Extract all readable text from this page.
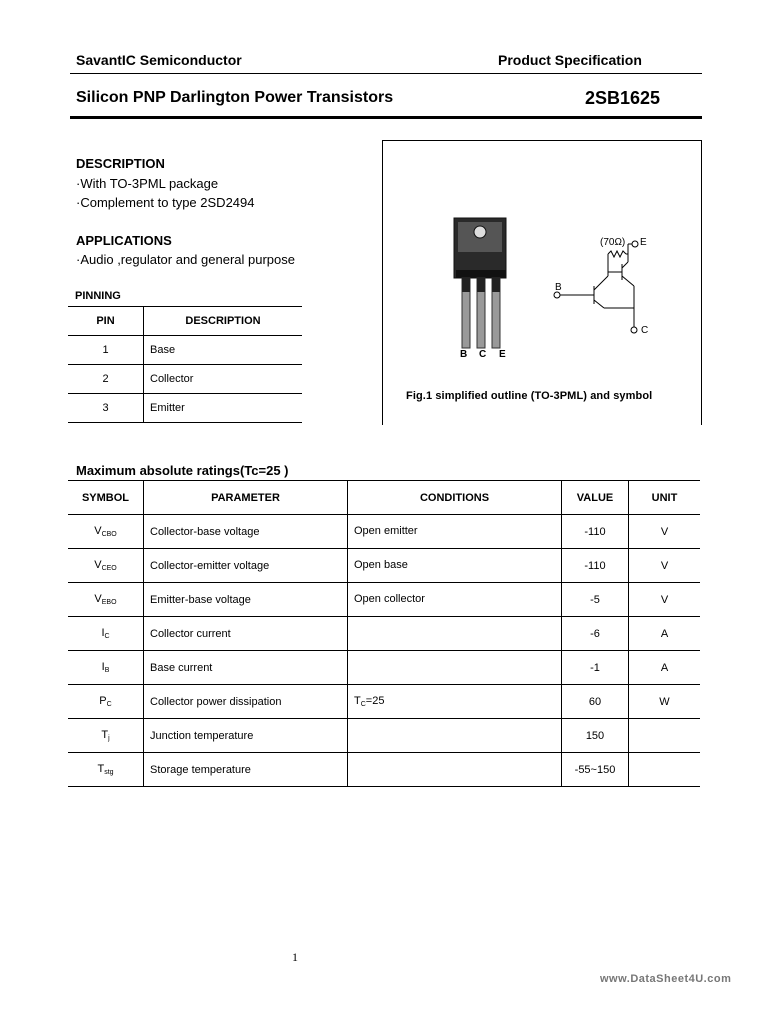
SavantIC Semiconductor	Product Specification
Silicon PNP Darlington Power Transistors	2SB1625
DESCRIPTION
·With TO-3PML package
·Complement to type 2SD2494
APPLICATIONS
·Audio ,regulator and general purpose
PINNING
PIN	DESCRIPTION
1	Base
2	Collector
3	Emitter
B C E
(70Ω) E
B
C
Fig.1 simplified outline (TO-3PML) and symbol
Maximum absolute ratings(Tc=25 )
SYMBOL	PARAMETER	CONDITIONS	VALUE	UNIT
$V_{CBO}$	Collector-base voltage	Open emitter	-110	V
$V_{CEO}$	Collector-emitter voltage	Open base	-110	V
$V_{EBO}$	Emitter-base voltage	Open collector	-5	V
$I_C$	Collector current		-6	A
$I_B$	Base current		-1	A
$P_C$	Collector power dissipation	$T_C=25$	60	W
$T_j$	Junction temperature		150	
$T_{stg}$	Storage temperature		-55~150	
1
www.DataSheet4U.com
